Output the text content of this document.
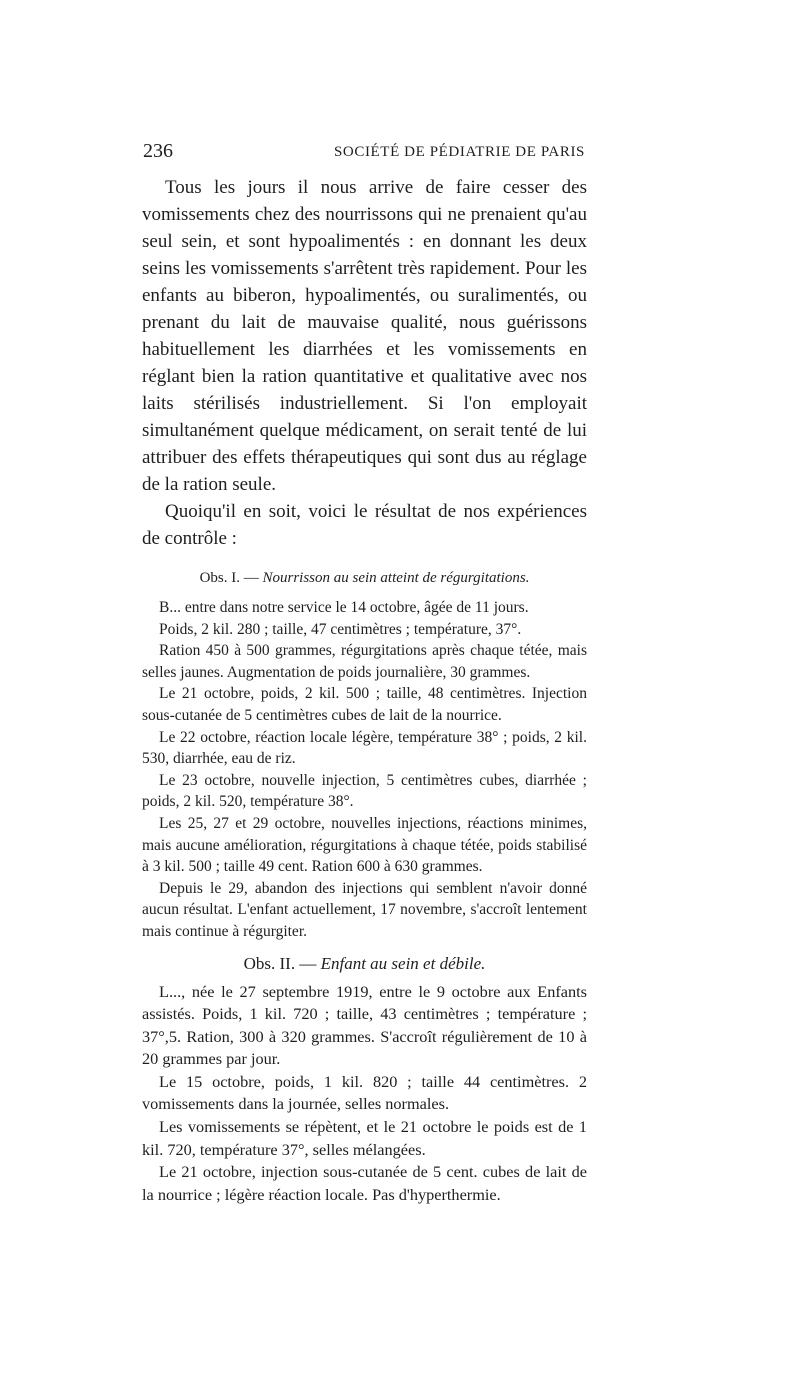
236	SOCIÉTÉ DE PÉDIATRIE DE PARIS

Tous les jours il nous arrive de faire cesser des vomissements chez des nourrissons qui ne prenaient qu'au seul sein, et sont hypoalimentés : en donnant les deux seins les vomissements s'arrêtent très rapidement. Pour les enfants au biberon, hypoalimentés, ou suralimentés, ou prenant du lait de mauvaise qualité, nous guérissons habituellement les diarrhées et les vomissements en réglant bien la ration quantitative et qualitative avec nos laits stérilisés industriellement. Si l'on employait simultanément quelque médicament, on serait tenté de lui attribuer des effets thérapeutiques qui sont dus au réglage de la ration seule.

Quoiqu'il en soit, voici le résultat de nos expériences de contrôle :

Obs. I. — Nourrisson au sein atteint de régurgitations.

B... entre dans notre service le 14 octobre, âgée de 11 jours.

Poids, 2 kil. 280 ; taille, 47 centimètres ; température, 37°.

Ration 450 à 500 grammes, régurgitations après chaque tétée, mais selles jaunes. Augmentation de poids journalière, 30 grammes.

Le 21 octobre, poids, 2 kil. 500 ; taille, 48 centimètres. Injection sous-cutanée de 5 centimètres cubes de lait de la nourrice.

Le 22 octobre, réaction locale légère, température 38° ; poids, 2 kil. 530, diarrhée, eau de riz.

Le 23 octobre, nouvelle injection, 5 centimètres cubes, diarrhée ; poids, 2 kil. 520, température 38°.

Les 25, 27 et 29 octobre, nouvelles injections, réactions minimes, mais aucune amélioration, régurgitations à chaque tétée, poids stabilisé à 3 kil. 500 ; taille 49 cent. Ration 600 à 630 grammes.

Depuis le 29, abandon des injections qui semblent n'avoir donné aucun résultat. L'enfant actuellement, 17 novembre, s'accroît lentement mais continue à régurgiter.

Obs. II. — Enfant au sein et débile.

L..., née le 27 septembre 1919, entre le 9 octobre aux Enfants assistés. Poids, 1 kil. 720 ; taille, 43 centimètres ; température ; 37°,5. Ration, 300 à 320 grammes. S'accroît régulièrement de 10 à 20 grammes par jour.

Le 15 octobre, poids, 1 kil. 820 ; taille 44 centimètres. 2 vomissements dans la journée, selles normales.

Les vomissements se répètent, et le 21 octobre le poids est de 1 kil. 720, température 37°, selles mélangées.

Le 21 octobre, injection sous-cutanée de 5 cent. cubes de lait de la nourrice ; légère réaction locale. Pas d'hyperthermie.
